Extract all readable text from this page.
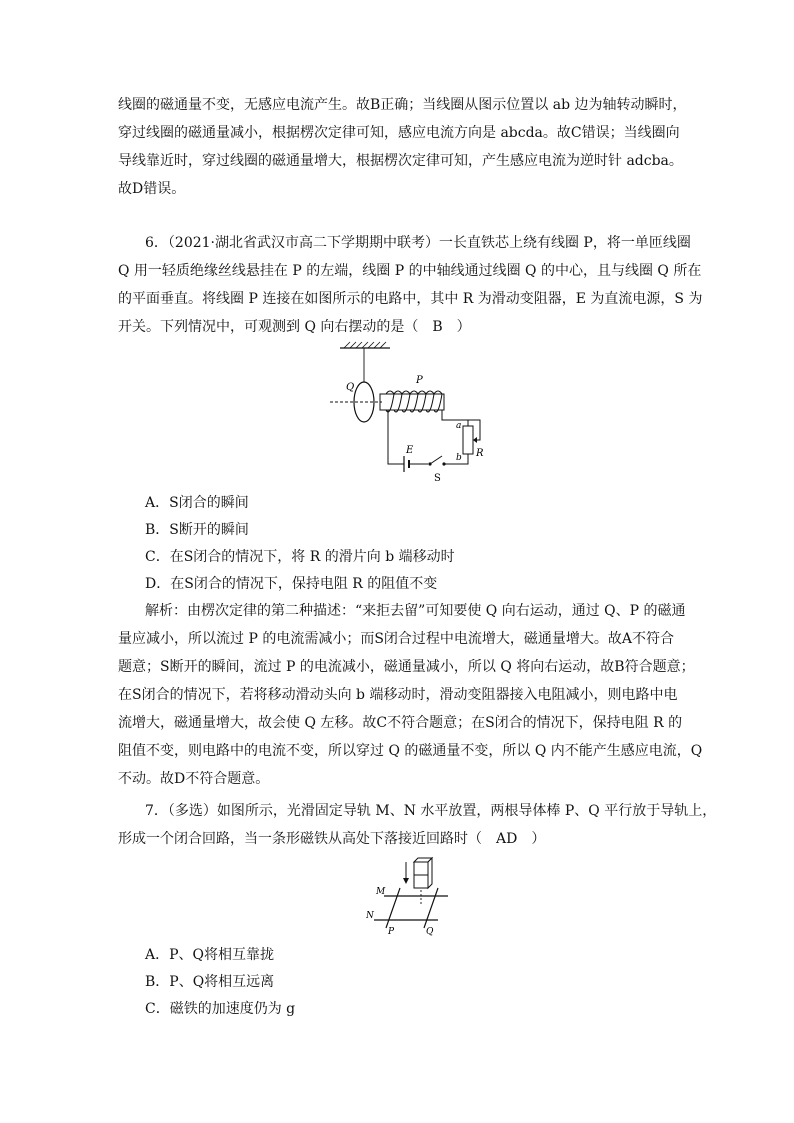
线圈的磁通量不变，无感应电流产生。故B正确；当线圈从图示位置以 ab 边为轴转动瞬时，
穿过线圈的磁通量减小，根据楞次定律可知，感应电流方向是 abcda。故C错误；当线圈向
导线靠近时，穿过线圈的磁通量增大，根据楞次定律可知，产生感应电流为逆时针 adcba。
故D错误。
6．（2021·湖北省武汉市高二下学期期中联考）一长直铁芯上绕有线圈 P，将一单匝线圈
Q 用一轻质绝缘丝线悬挂在 P 的左端，线圈 P 的中轴线通过线圈 Q 的中心，且与线圈 Q 所在
的平面垂直。将线圈 P 连接在如图所示的电路中，其中 R 为滑动变阻器，E 为直流电源，S 为
开关。下列情况中，可观测到 Q 向右摆动的是（　B　）
Q
P
a
b R
E
S
A．S闭合的瞬间
B．S断开的瞬间
C．在S闭合的情况下，将 R 的滑片向 b 端移动时
D．在S闭合的情况下，保持电阻 R 的阻值不变
解析：由楞次定律的第二种描述：“来拒去留”可知要使 Q 向右运动，通过 Q、P 的磁通
量应减小，所以流过 P 的电流需减小；而S闭合过程中电流增大，磁通量增大。故A不符合
题意；S断开的瞬间，流过 P 的电流减小，磁通量减小，所以 Q 将向右运动，故B符合题意；
在S闭合的情况下，若将移动滑动头向 b 端移动时，滑动变阻器接入电阻减小，则电路中电
流增大，磁通量增大，故会使 Q 左移。故C不符合题意；在S闭合的情况下，保持电阻 R 的
阻值不变，则电路中的电流不变，所以穿过 Q 的磁通量不变，所以 Q 内不能产生感应电流，Q
不动。故D不符合题意。
7．（多选）如图所示，光滑固定导轨 M、N 水平放置，两根导体棒 P、Q 平行放于导轨上，
形成一个闭合回路，当一条形磁铁从高处下落接近回路时（　AD　）
M
N
P	Q
A．P、Q将相互靠拢
B．P、Q将相互远离
C．磁铁的加速度仍为 g
